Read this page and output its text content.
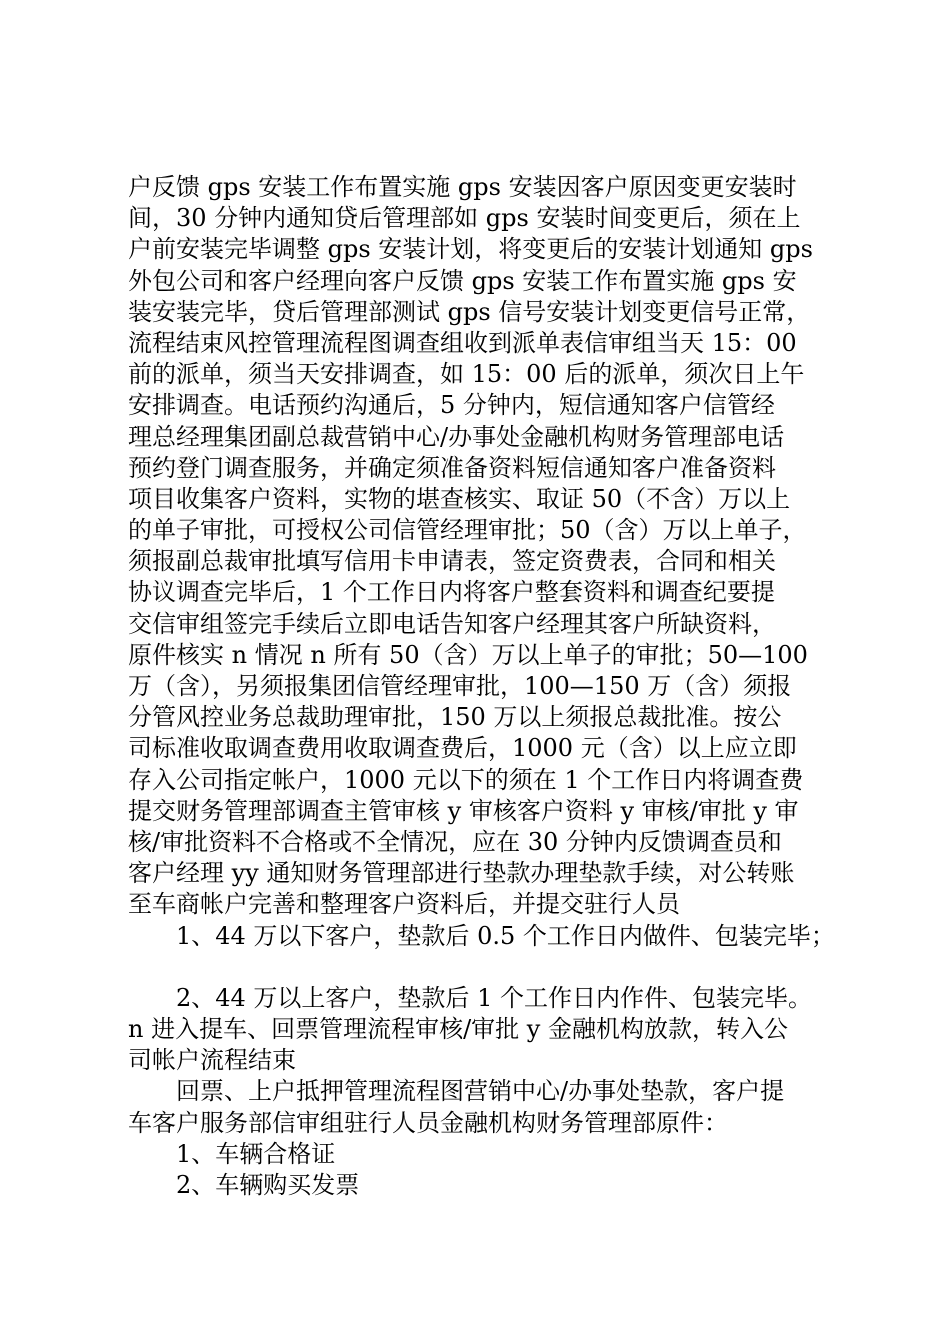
户反馈 gps 安装工作布置实施 gps 安装因客户原因变更安装时
间，30 分钟内通知贷后管理部如 gps 安装时间变更后，须在上
户前安装完毕调整 gps 安装计划，将变更后的安装计划通知 gps
外包公司和客户经理向客户反馈 gps 安装工作布置实施 gps 安
装安装完毕，贷后管理部测试 gps 信号安装计划变更信号正常，
流程结束风控管理流程图调查组收到派单表信审组当天 15：00
前的派单，须当天安排调查，如 15：00 后的派单，须次日上午
安排调查。电话预约沟通后，5 分钟内，短信通知客户信管经
理总经理集团副总裁营销中心/办事处金融机构财务管理部电话
预约登门调查服务，并确定须准备资料短信通知客户准备资料
项目收集客户资料，实物的堪查核实、取证 50（不含）万以上
的单子审批，可授权公司信管经理审批；50（含）万以上单子，
须报副总裁审批填写信用卡申请表，签定资费表，合同和相关
协议调查完毕后，1 个工作日内将客户整套资料和调查纪要提
交信审组签完手续后立即电话告知客户经理其客户所缺资料，
原件核实 n 情况 n 所有 50（含）万以上单子的审批；50—100
万（含），另须报集团信管经理审批，100—150 万（含）须报
分管风控业务总裁助理审批，150 万以上须报总裁批准。按公
司标准收取调查费用收取调查费后，1000 元（含）以上应立即
存入公司指定帐户，1000 元以下的须在 1 个工作日内将调查费
提交财务管理部调查主管审核 y 审核客户资料 y 审核/审批 y 审
核/审批资料不合格或不全情况，应在 30 分钟内反馈调查员和
客户经理 yy 通知财务管理部进行垫款办理垫款手续，对公转账
至车商帐户完善和整理客户资料后，并提交驻行人员
1、44 万以下客户，垫款后 0.5 个工作日内做件、包装完毕；
2、44 万以上客户，垫款后 1 个工作日内作件、包装完毕。
n 进入提车、回票管理流程审核/审批 y 金融机构放款，转入公
司帐户流程结束
回票、上户抵押管理流程图营销中心/办事处垫款，客户提
车客户服务部信审组驻行人员金融机构财务管理部原件：
1、车辆合格证
2、车辆购买发票
